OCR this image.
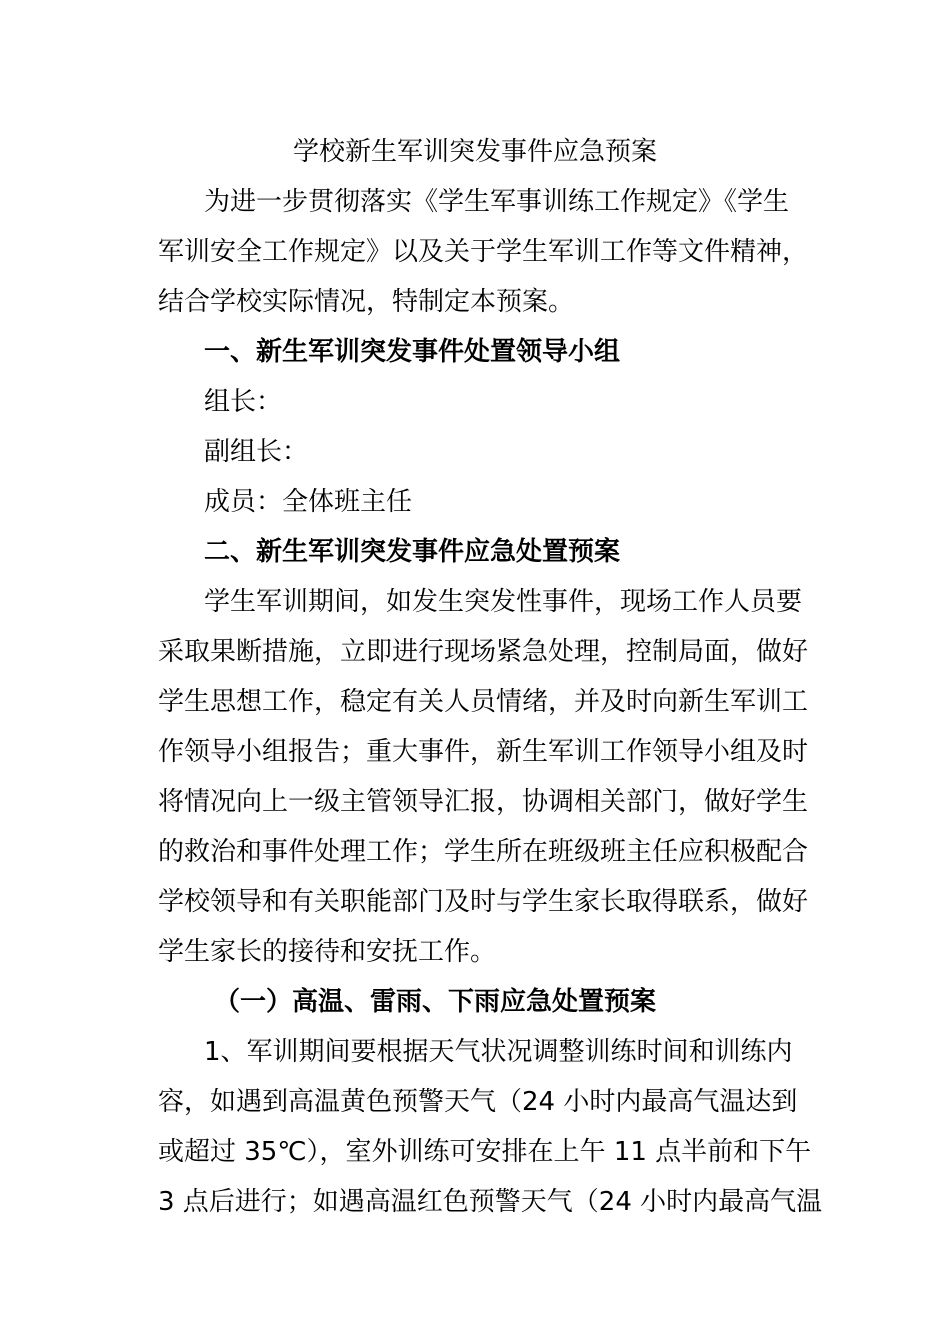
学校新生军训突发事件应急预案
为进一步贯彻落实《学生军事训练工作规定》《学生
军训安全工作规定》以及关于学生军训工作等文件精神，
结合学校实际情况，特制定本预案。
一、新生军训突发事件处置领导小组
组长：
副组长：
成员：全体班主任
二、新生军训突发事件应急处置预案
学生军训期间，如发生突发性事件，现场工作人员要
采取果断措施，立即进行现场紧急处理，控制局面，做好
学生思想工作，稳定有关人员情绪，并及时向新生军训工
作领导小组报告；重大事件，新生军训工作领导小组及时
将情况向上一级主管领导汇报，协调相关部门，做好学生
的救治和事件处理工作；学生所在班级班主任应积极配合
学校领导和有关职能部门及时与学生家长取得联系，做好
学生家长的接待和安抚工作。
（一）高温、雷雨、下雨应急处置预案
1、军训期间要根据天气状况调整训练时间和训练内
容，如遇到高温黄色预警天气（24 小时内最高气温达到
或超过 35℃），室外训练可安排在上午 11 点半前和下午
3 点后进行；如遇高温红色预警天气（24 小时内最高气温
